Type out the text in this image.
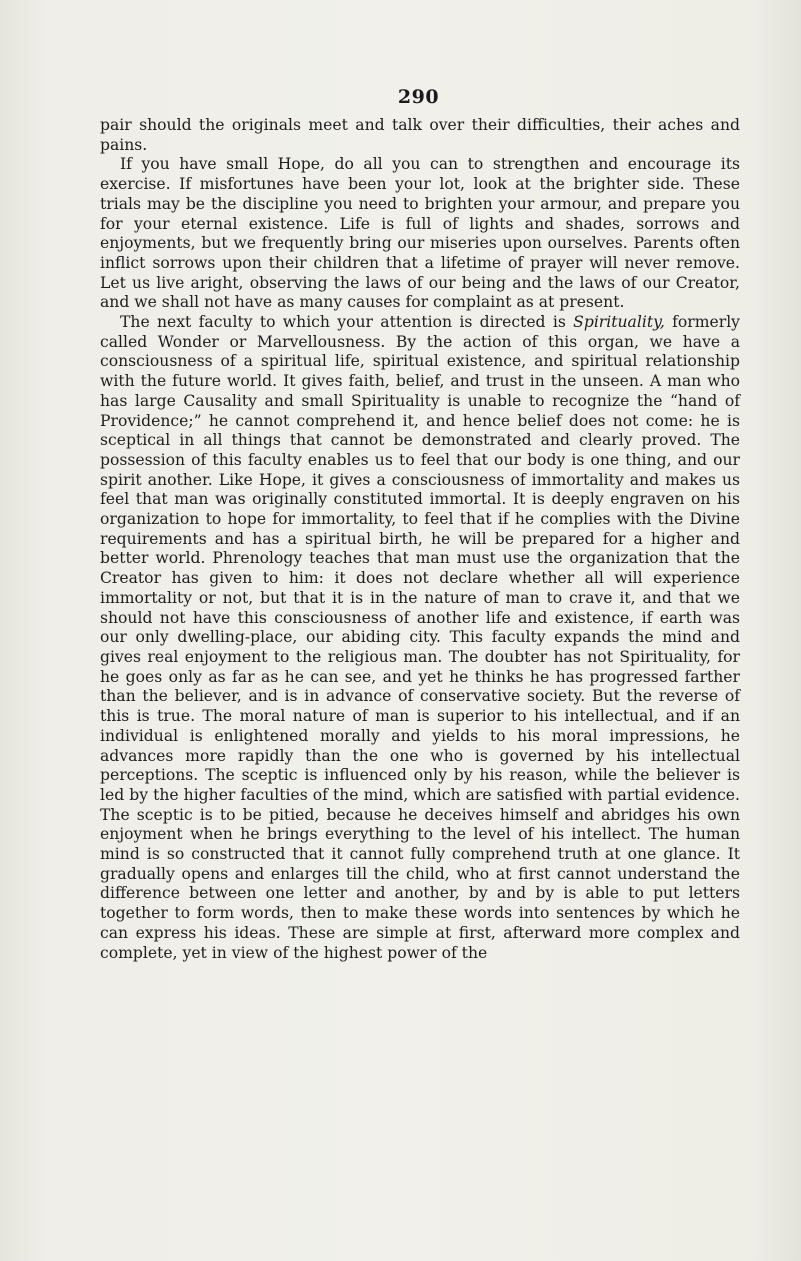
290

pair should the originals meet and talk over their difficulties, their aches and pains.

If you have small Hope, do all you can to strengthen and encourage its exercise. If misfortunes have been your lot, look at the brighter side. These trials may be the discipline you need to brighten your armour, and prepare you for your eternal existence. Life is full of lights and shades, sorrows and enjoyments, but we frequently bring our miseries upon ourselves. Parents often inflict sorrows upon their children that a lifetime of prayer will never remove. Let us live aright, observing the laws of our being and the laws of our Creator, and we shall not have as many causes for complaint as at present.

The next faculty to which your attention is directed is Spirituality, formerly called Wonder or Marvellousness. By the action of this organ, we have a consciousness of a spiritual life, spiritual existence, and spiritual relationship with the future world. It gives faith, belief, and trust in the unseen. A man who has large Causality and small Spirituality is unable to recognize the “hand of Providence;” he cannot comprehend it, and hence belief does not come: he is sceptical in all things that cannot be demonstrated and clearly proved. The possession of this faculty enables us to feel that our body is one thing, and our spirit another. Like Hope, it gives a consciousness of immortality and makes us feel that man was originally constituted immortal. It is deeply engraven on his organization to hope for immortality, to feel that if he complies with the Divine requirements and has a spiritual birth, he will be prepared for a higher and better world. Phrenology teaches that man must use the organization that the Creator has given to him: it does not declare whether all will experience immortality or not, but that it is in the nature of man to crave it, and that we should not have this consciousness of another life and existence, if earth was our only dwelling-place, our abiding city. This faculty expands the mind and gives real enjoyment to the religious man. The doubter has not Spirituality, for he goes only as far as he can see, and yet he thinks he has progressed farther than the believer, and is in advance of conservative society. But the reverse of this is true. The moral nature of man is superior to his intellectual, and if an individual is enlightened morally and yields to his moral impressions, he advances more rapidly than the one who is governed by his intellectual perceptions. The sceptic is influenced only by his reason, while the believer is led by the higher faculties of the mind, which are satisfied with partial evidence. The sceptic is to be pitied, because he deceives himself and abridges his own enjoyment when he brings everything to the level of his intellect. The human mind is so constructed that it cannot fully comprehend truth at one glance. It gradually opens and enlarges till the child, who at first cannot understand the difference between one letter and another, by and by is able to put letters together to form words, then to make these words into sentences by which he can express his ideas. These are simple at first, afterward more complex and complete, yet in view of the highest power of the
